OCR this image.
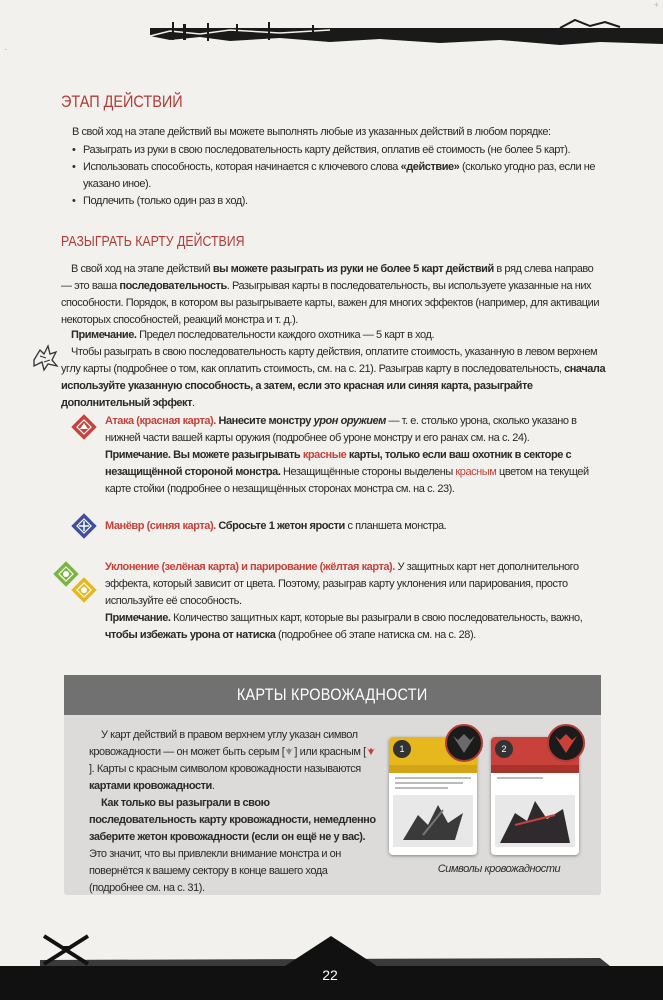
+
-
ЭТАП ДЕЙСТВИЙ

В свой ход на этапе действий вы можете выполнять любые из указанных действий в любом порядке:

• Разыграть из руки в свою последовательность карту действия, оплатив её стоимость (не более 5 карт).
• Использовать способность, которая начинается с ключевого слова «действие» (сколько угодно раз, если не указано иное).
• Подлечить (только один раз в ход).
РАЗЫГРАТЬ КАРТУ ДЕЙСТВИЯ

В свой ход на этапе действий вы можете разыграть из руки не более 5 карт действий в ряд слева направо — это ваша последовательность. Разыгрывая карты в последовательность, вы используете указанные на них способности. Порядок, в котором вы разыгрываете карты, важен для многих эффектов (например, для активации некоторых способностей, реакций монстра и т. д.).

Примечание. Предел последовательности каждого охотника — 5 карт в ход.

Чтобы разыграть в свою последовательность карту действия, оплатите стоимость, указанную в левом верхнем углу карты (подробнее о том, как оплатить стоимость, см. на с. 21). Разыграв карту в последовательность, сначала используйте указанную способность, а затем, если это красная или синяя карта, разыграйте дополнительный эффект.

Атака (красная карта). Нанесите монстру урон оружием — т. е. столько урона, сколько указано в нижней части вашей карты оружия (подробнее об уроне монстру и его ранах см. на с. 24).

Примечание. Вы можете разыгрывать красные карты, только если ваш охотник в секторе с незащищённой стороной монстра. Незащищённые стороны выделены красным цветом на текущей карте стойки (подробнее о незащищённых сторонах монстра см. на с. 23).

Манёвр (синяя карта). Сбросьте 1 жетон ярости с планшета монстра.

Уклонение (зелёная карта) и парирование (жёлтая карта). У защитных карт нет дополнительного эффекта, который зависит от цвета. Поэтому, разыграв карту уклонения или парирования, просто используйте её способность.

Примечание. Количество защитных карт, которые вы разыграли в свою последовательность, важно, чтобы избежать урона от натиска (подробнее об этапе натиска см. на с. 28).

КАРТЫ КРОВОЖАДНОСТИ

У карт действий в правом верхнем углу указан символ кровожадности — он может быть серым [ ] или красным []. Карты с красным символом кровожадности называются картами кровожадности.

Как только вы разыграли в свою последовательность карту кровожадности, немедленно заберите жетон кровожадности (если он ещё не у вас). Это значит, что вы привлекли внимание монстра и он повернётся к вашему сектору в конце вашего хода (подробнее см. на с. 31).

1	2
Символы кровожадности
22
